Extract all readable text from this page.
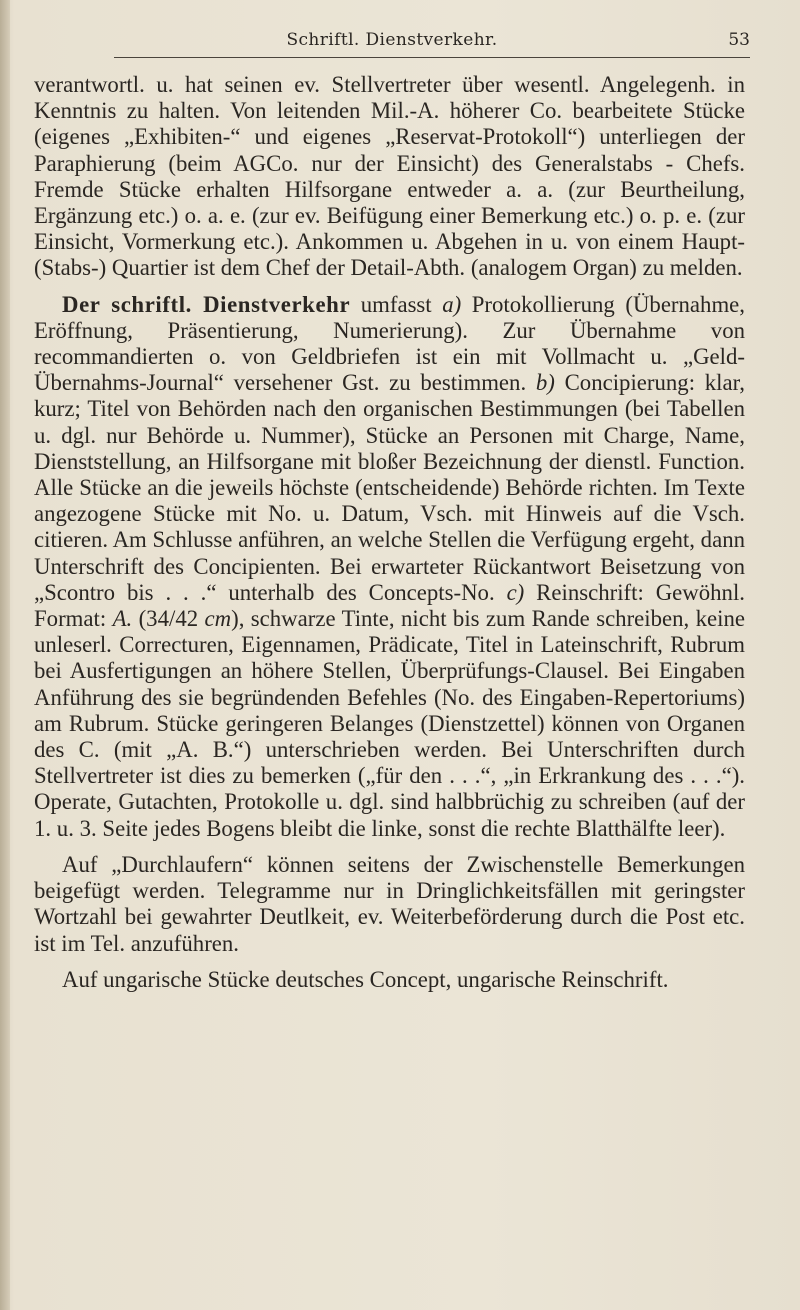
Schriftl. Dienstverkehr.	53

verantwortl. u. hat seinen ev. Stellvertreter über wesentl. Angelegenh. in Kenntnis zu halten. Von leitenden Mil.-A. höherer Co. bearbeitete Stücke (eigenes „Exhibiten-“ und eigenes „Reservat-Protokoll“) unterliegen der Paraphierung (beim AGCo. nur der Einsicht) des Generalstabs - Chefs. Fremde Stücke erhalten Hilfsorgane entweder a. a. (zur Beurtheilung, Ergänzung etc.) o. a. e. (zur ev. Beifügung einer Bemerkung etc.) o. p. e. (zur Einsicht, Vormerkung etc.). Ankommen u. Abgehen in u. von einem Haupt- (Stabs-) Quartier ist dem Chef der Detail-Abth. (analogem Organ) zu melden.

Der schriftl. Dienstverkehr umfasst a) Protokollierung (Übernahme, Eröffnung, Präsentierung, Numerierung). Zur Übernahme von recommandierten o. von Geldbriefen ist ein mit Vollmacht u. „Geld-Übernahms-Journal“ versehener Gst. zu bestimmen. b) Concipierung: klar, kurz; Titel von Behörden nach den organischen Bestimmungen (bei Tabellen u. dgl. nur Behörde u. Nummer), Stücke an Personen mit Charge, Name, Dienststellung, an Hilfsorgane mit bloßer Bezeichnung der dienstl. Function. Alle Stücke an die jeweils höchste (entscheidende) Behörde richten. Im Texte angezogene Stücke mit No. u. Datum, Vsch. mit Hinweis auf die Vsch. citieren. Am Schlusse anführen, an welche Stellen die Verfügung ergeht, dann Unterschrift des Concipienten. Bei erwarteter Rückantwort Beisetzung von „Scontro bis . . .“ unterhalb des Concepts-No. c) Reinschrift: Gewöhnl. Format: A. (34/42 cm), schwarze Tinte, nicht bis zum Rande schreiben, keine unleserl. Correcturen, Eigennamen, Prädicate, Titel in Lateinschrift, Rubrum bei Ausfertigungen an höhere Stellen, Überprüfungs-Clausel. Bei Eingaben Anführung des sie begründenden Befehles (No. des Eingaben-Repertoriums) am Rubrum. Stücke geringeren Belanges (Dienstzettel) können von Organen des C. (mit „A. B.“) unterschrieben werden. Bei Unterschriften durch Stellvertreter ist dies zu bemerken („für den . . .“, „in Erkrankung des . . .“). Operate, Gutachten, Protokolle u. dgl. sind halbbrüchig zu schreiben (auf der 1. u. 3. Seite jedes Bogens bleibt die linke, sonst die rechte Blatthälfte leer).

Auf „Durchlaufern“ können seitens der Zwischenstelle Bemerkungen beigefügt werden. Telegramme nur in Dringlichkeitsfällen mit geringster Wortzahl bei gewahrter Deutlkeit, ev. Weiterbeförderung durch die Post etc. ist im Tel. anzuführen.

Auf ungarische Stücke deutsches Concept, ungarische Reinschrift.
